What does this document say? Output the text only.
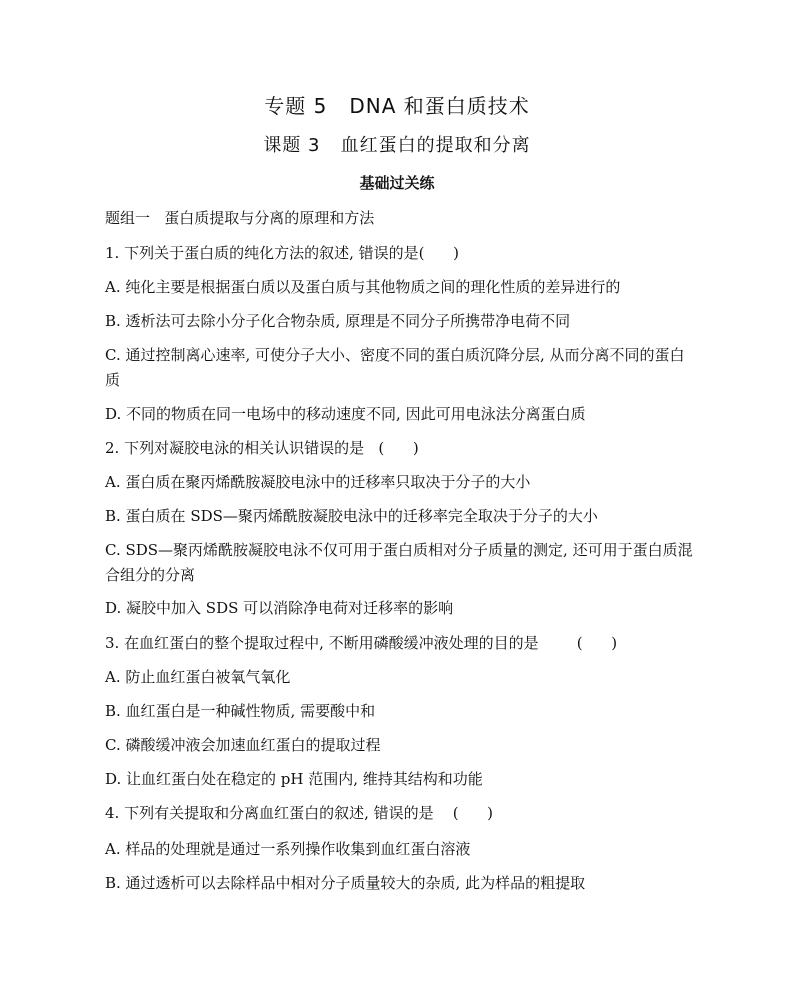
专题 5   DNA 和蛋白质技术
课题 3   血红蛋白的提取和分离
基础过关练
题组一   蛋白质提取与分离的原理和方法
1. 下列关于蛋白质的纯化方法的叙述, 错误的是(      )
A. 纯化主要是根据蛋白质以及蛋白质与其他物质之间的理化性质的差异进行的
B. 透析法可去除小分子化合物杂质, 原理是不同分子所携带净电荷不同
C. 通过控制离心速率, 可使分子大小、密度不同的蛋白质沉降分层, 从而分离不同的蛋白质
D. 不同的物质在同一电场中的移动速度不同, 因此可用电泳法分离蛋白质
2. 下列对凝胶电泳的相关认识错误的是   (      )
A. 蛋白质在聚丙烯酰胺凝胶电泳中的迁移率只取决于分子的大小
B. 蛋白质在 SDS—聚丙烯酰胺凝胶电泳中的迁移率完全取决于分子的大小
C. SDS—聚丙烯酰胺凝胶电泳不仅可用于蛋白质相对分子质量的测定, 还可用于蛋白质混合组分的分离
D. 凝胶中加入 SDS 可以消除净电荷对迁移率的影响
3. 在血红蛋白的整个提取过程中, 不断用磷酸缓冲液处理的目的是        (      )
A. 防止血红蛋白被氧气氧化
B. 血红蛋白是一种碱性物质, 需要酸中和
C. 磷酸缓冲液会加速血红蛋白的提取过程
D. 让血红蛋白处在稳定的 pH 范围内, 维持其结构和功能
4. 下列有关提取和分离血红蛋白的叙述, 错误的是    (      )
A. 样品的处理就是通过一系列操作收集到血红蛋白溶液
B. 通过透析可以去除样品中相对分子质量较大的杂质, 此为样品的粗提取
